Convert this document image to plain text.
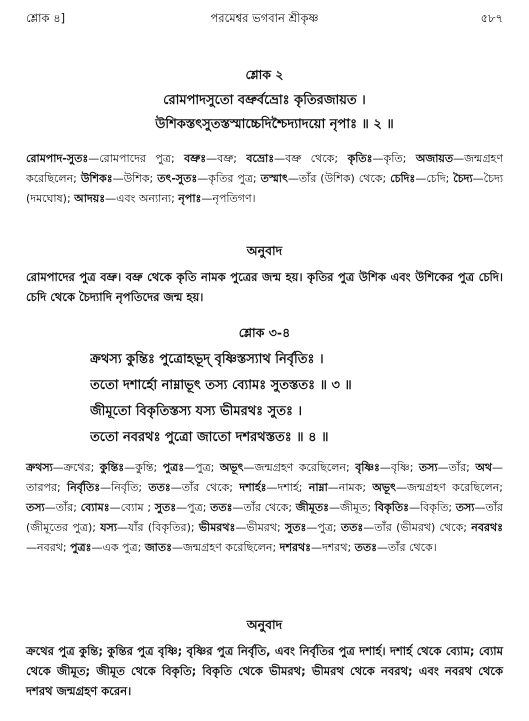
শ্লোক ৪]	পরমেশ্বর ভগবান শ্রীকৃষ্ণ	৫৮৭
শ্লোক ২
রোমপাদসুতো বভ্রুর্বভ্রোঃ কৃতিরজায়ত ।
উশিকস্তৎসুতস্তস্মাচ্চেদিশ্চৈদ্যাদয়ো নৃপাঃ ॥ ২ ॥
রোমপাদ-সুতঃ—রোমপাদের পুত্র; বভ্রুঃ—বভ্রু; বভ্রোঃ—বভ্রু থেকে; কৃতিঃ—কৃতি; অজায়ত—জন্মগ্রহণ করেছিলেন; উশিকঃ—উশিক; তৎ-সুতঃ—কৃতির পুত্র; তস্মাৎ—তাঁর (উশিক) থেকে; চেদিঃ—চেদি; চৈদ্য—চৈদ্য (দমঘোষ); আদয়ঃ—এবং অন্যান্য; নৃপাঃ—নৃপতিগণ।
অনুবাদ
রোমপাদের পুত্র বভ্রু। বভ্রু থেকে কৃতি নামক পুত্রের জন্ম হয়। কৃতির পুত্র উশিক এবং উশিকের পুত্র চেদি। চেদি থেকে চৈদ্যাদি নৃপতিদের জন্ম হয়।
শ্লোক ৩-৪
ক্রথস্য কুন্তিঃ পুত্রোহভূদ্ বৃষ্ণিস্তস্যাথ নির্বৃতিঃ ।
ততো দশার্হো নাম্নাভূৎ তস্য ব্যোমঃ সুতস্ততঃ ॥ ৩ ॥
জীমূতো বিকৃতিস্তস্য যস্য ভীমরথঃ সুতঃ ।
ততো নবরথঃ পুত্রো জাতো দশরথস্ততঃ ॥ ৪ ॥
ক্রথস্য—ক্রথের; কুন্তিঃ—কুন্তি; পুত্রঃ—পুত্র; অভূৎ—জন্মগ্রহণ করেছিলেন; বৃষ্ণিঃ—বৃষ্ণি; তস্য—তাঁর; অথ—তারপর; নির্বৃতিঃ—নির্বৃতি; ততঃ—তাঁর থেকে; দশার্হঃ—দশার্হ; নাম্না—নামক; অভূৎ—জন্মগ্রহণ করেছিলেন; তস্য—তাঁর; ব্যোমঃ—ব্যোম ; সুতঃ—পুত্র; ততঃ—তাঁর থেকে; জীমূতঃ—জীমূত; বিকৃতিঃ—বিকৃতি; তস্য—তাঁর (জীমূতের পুত্র); যস্য—যাঁর (বিকৃতির); ভীমরথঃ—ভীমরথ; সুতঃ—পুত্র; ততঃ—তাঁর (ভীমরথ) থেকে; নবরথঃ—নবরথ; পুত্রঃ—এক পুত্র; জাতঃ—জন্মগ্রহণ করেছিলেন; দশরথঃ—দশরথ; ততঃ—তাঁর থেকে।
অনুবাদ
ক্রথের পুত্র কুন্তি; কুন্তির পুত্র বৃষ্ণি; বৃষ্ণির পুত্র নির্বৃতি, এবং নির্বৃতির পুত্র দশার্হ। দশার্হ থেকে ব্যোম; ব্যোম থেকে জীমূত; জীমূত থেকে বিকৃতি; বিকৃতি থেকে ভীমরথ; ভীমরথ থেকে নবরথ; এবং নবরথ থেকে দশরথ জন্মগ্রহণ করেন।
